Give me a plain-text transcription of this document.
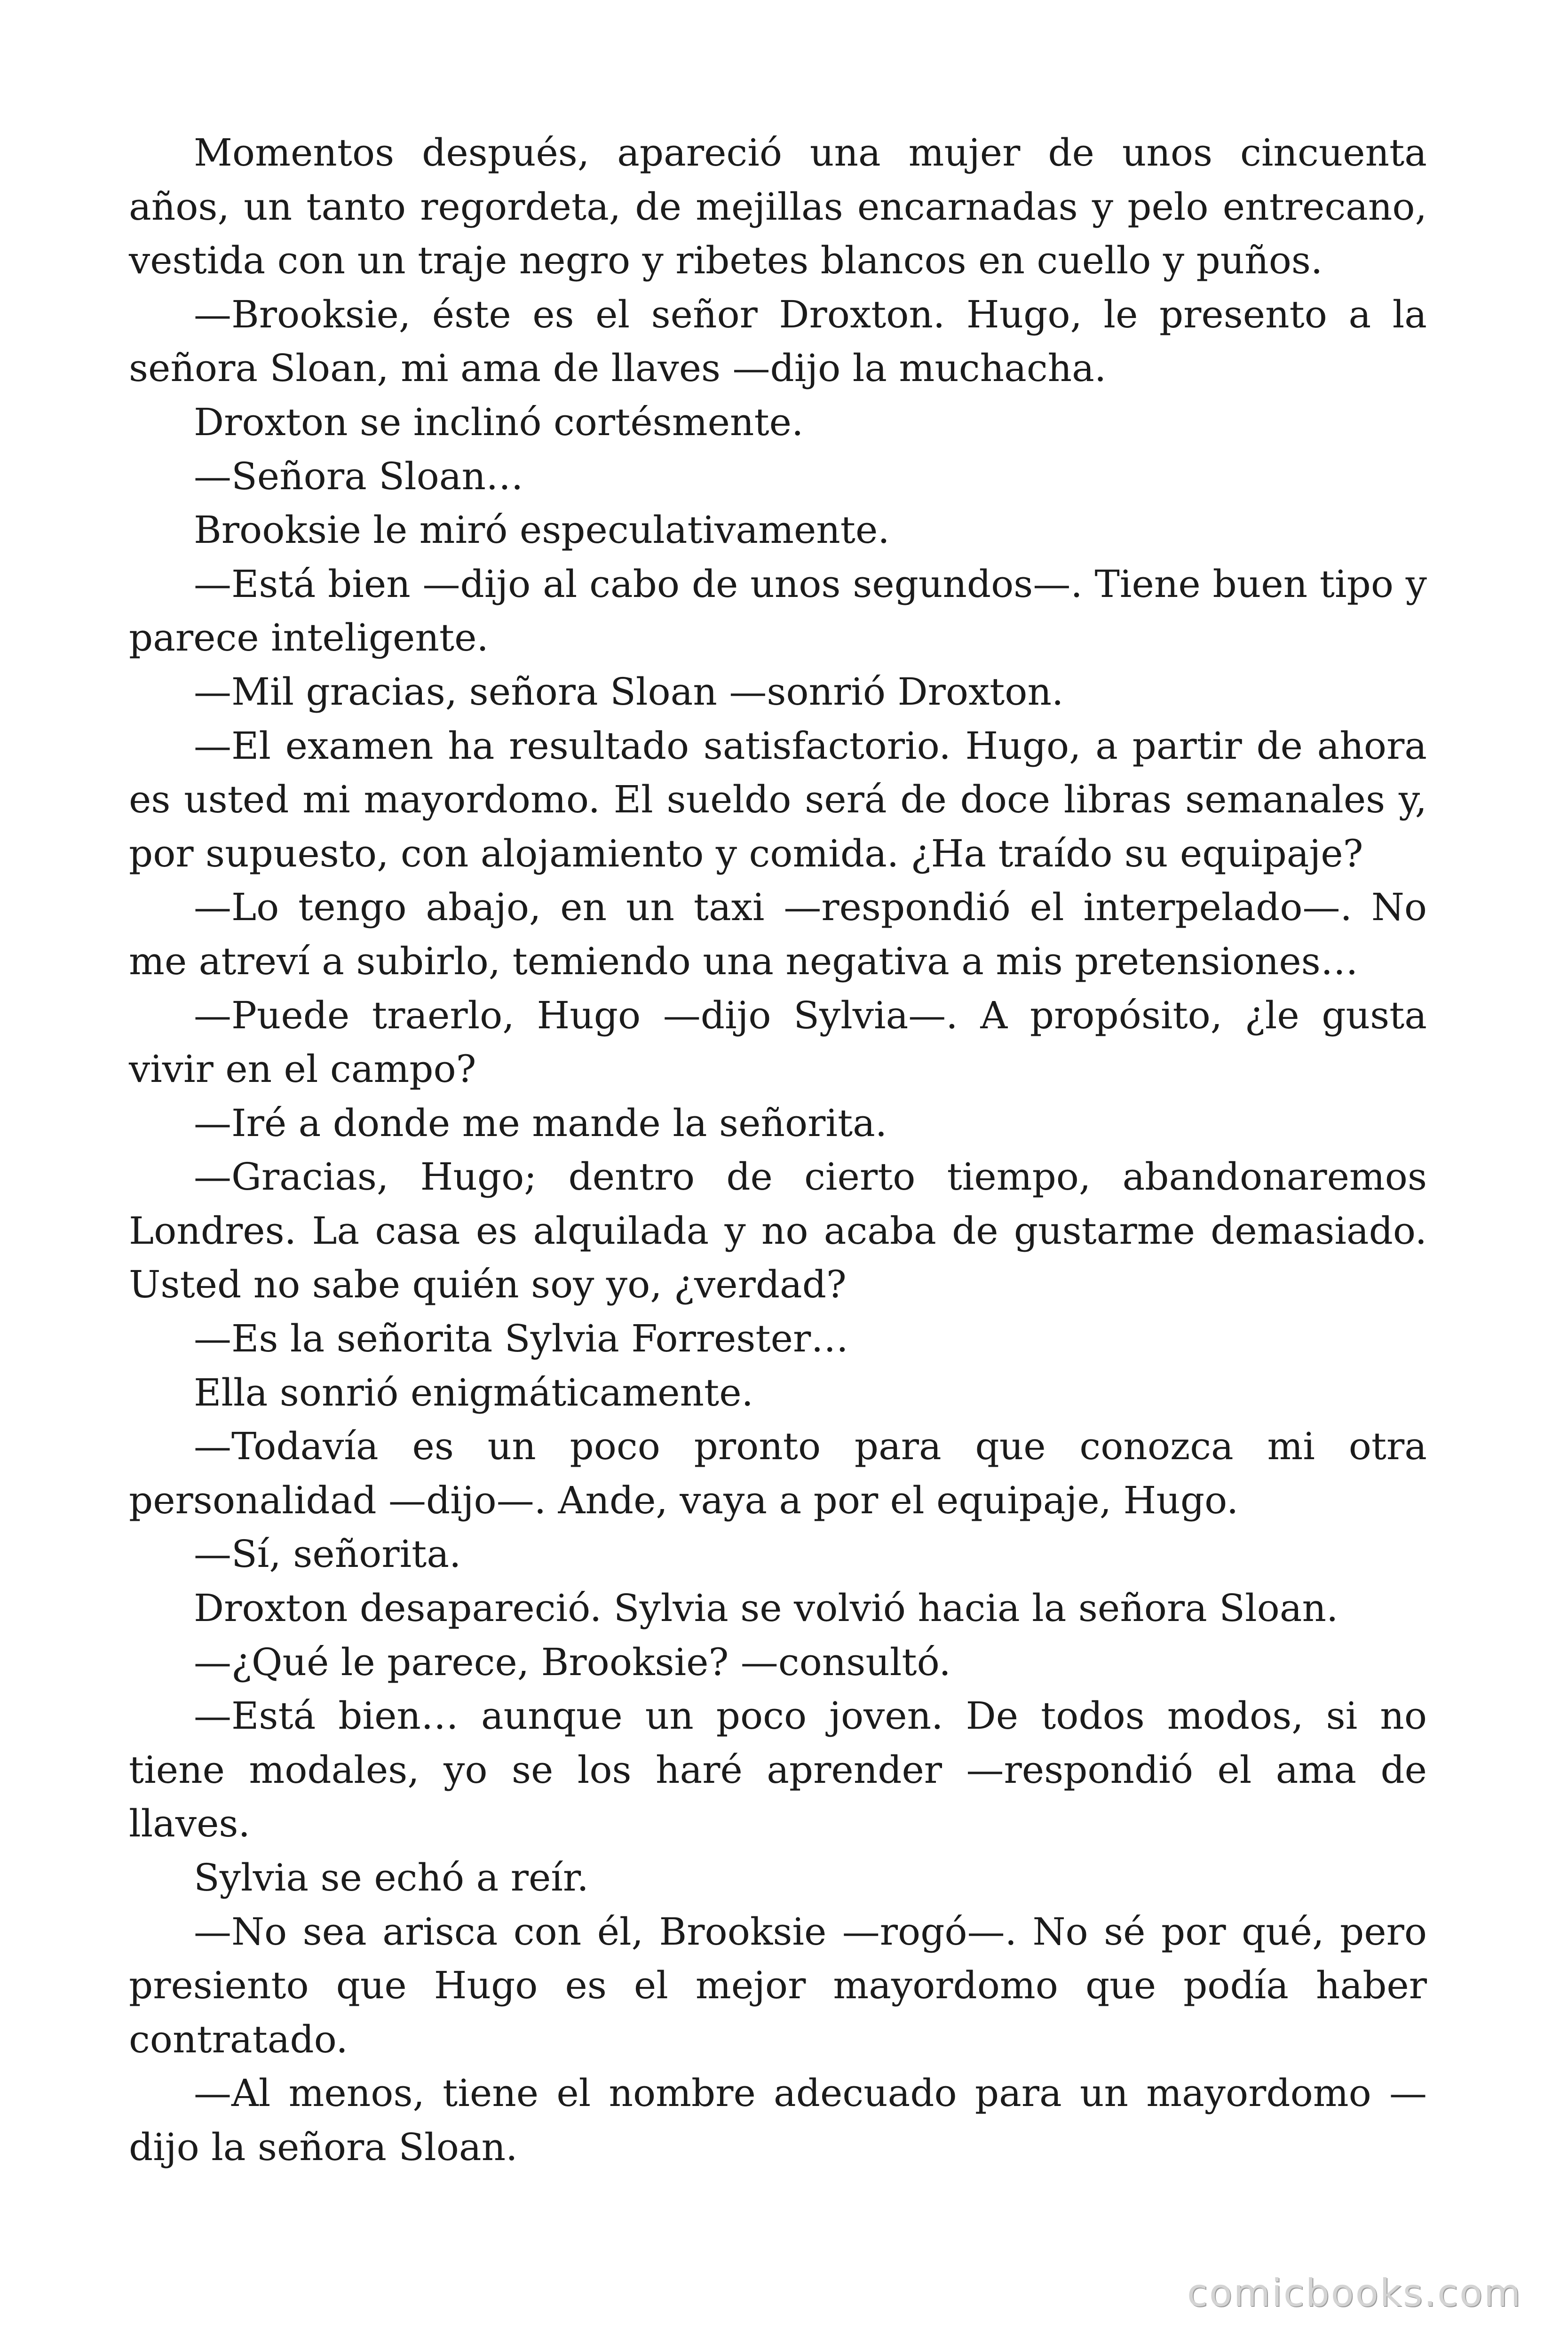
Momentos después, apareció una mujer de unos cincuenta años, un tanto regordeta, de mejillas encarnadas y pelo entrecano, vestida con un traje negro y ribetes blancos en cuello y puños.

—Brooksie, éste es el señor Droxton. Hugo, le presento a la señora Sloan, mi ama de llaves —dijo la muchacha.

Droxton se inclinó cortésmente.

—Señora Sloan…

Brooksie le miró especulativamente.

—Está bien —dijo al cabo de unos segundos—. Tiene buen tipo y parece inteligente.

—Mil gracias, señora Sloan —sonrió Droxton.

—El examen ha resultado satisfactorio. Hugo, a partir de ahora es usted mi mayordomo. El sueldo será de doce libras semanales y, por supuesto, con alojamiento y comida. ¿Ha traído su equipaje?

—Lo tengo abajo, en un taxi —respondió el interpelado—. No me atreví a subirlo, temiendo una negativa a mis pretensiones…

—Puede traerlo, Hugo —dijo Sylvia—. A propósito, ¿le gusta vivir en el campo?

—Iré a donde me mande la señorita.

—Gracias, Hugo; dentro de cierto tiempo, abandonaremos Londres. La casa es alquilada y no acaba de gustarme demasiado. Usted no sabe quién soy yo, ¿verdad?

—Es la señorita Sylvia Forrester…

Ella sonrió enigmáticamente.

—Todavía es un poco pronto para que conozca mi otra personalidad —dijo—. Ande, vaya a por el equipaje, Hugo.

—Sí, señorita.

Droxton desapareció. Sylvia se volvió hacia la señora Sloan.

—¿Qué le parece, Brooksie? —consultó.

—Está bien… aunque un poco joven. De todos modos, si no tiene modales, yo se los haré aprender —respondió el ama de llaves.

Sylvia se echó a reír.

—No sea arisca con él, Brooksie —rogó—. No sé por qué, pero presiento que Hugo es el mejor mayordomo que podía haber contratado.

—Al menos, tiene el nombre adecuado para un mayordomo —dijo la señora Sloan.

comicbooks.com
